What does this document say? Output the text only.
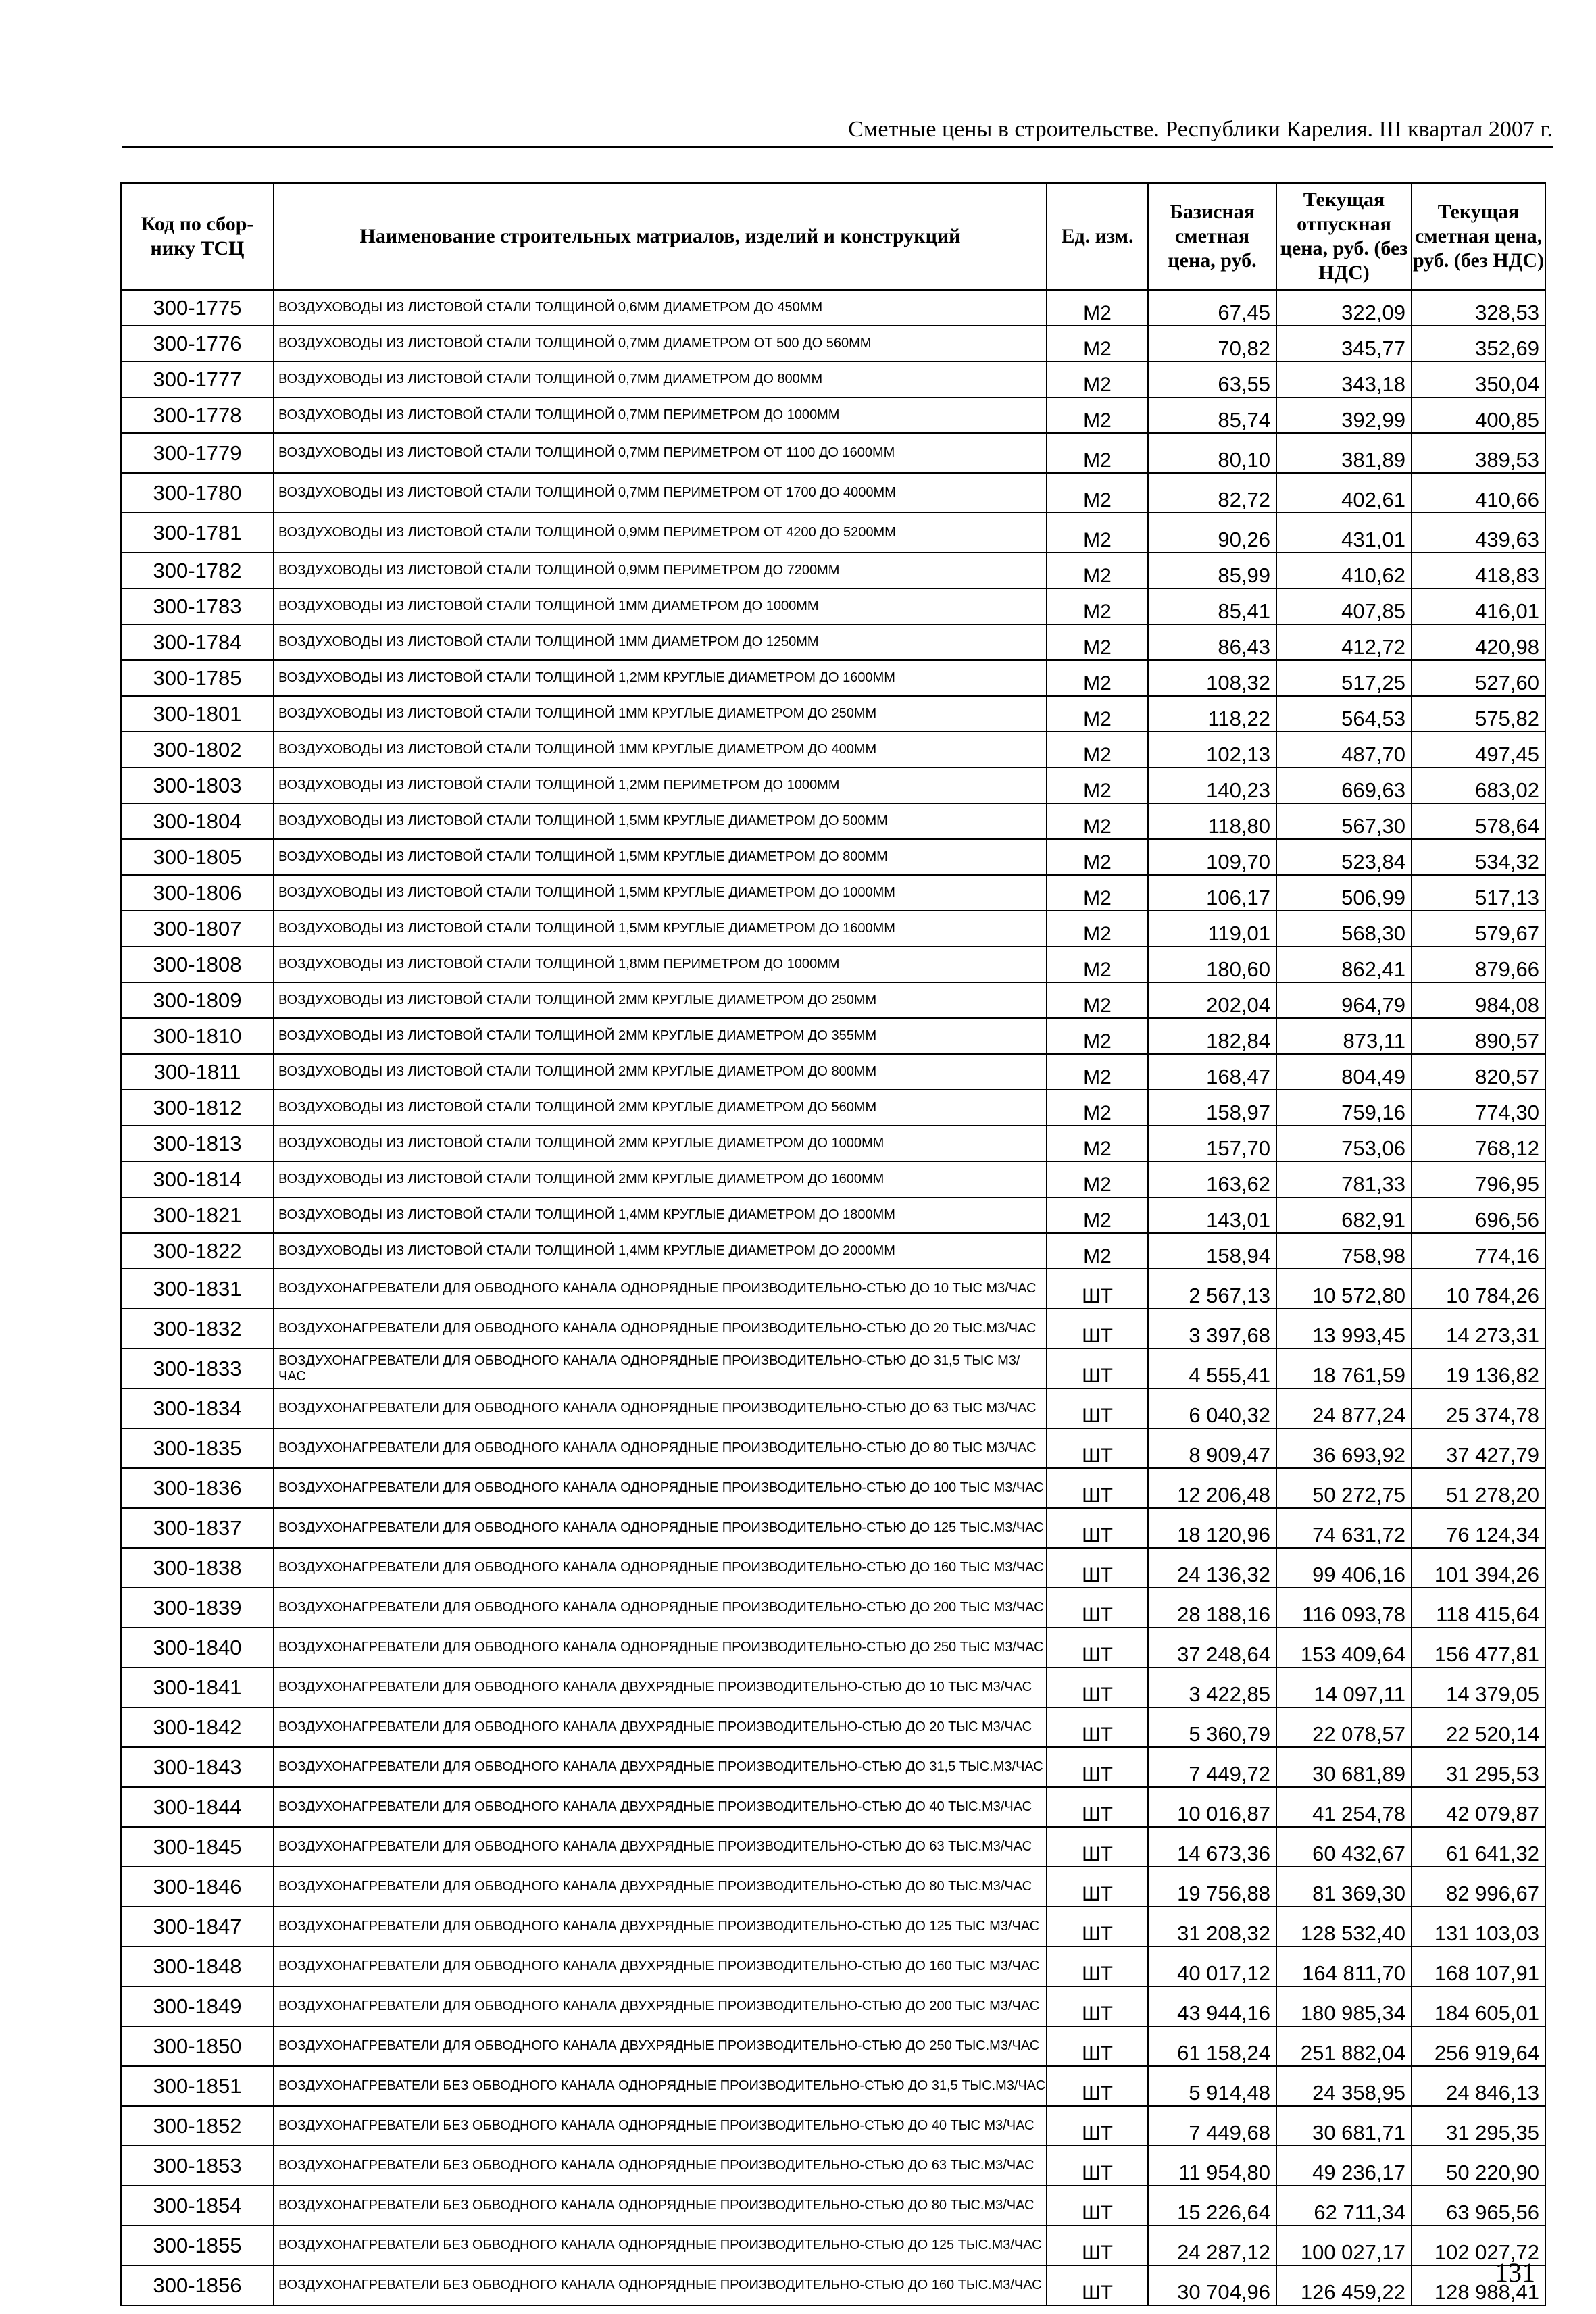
Сметные цены в строительстве. Республики Карелия. III квартал 2007 г.
Код по сбор-нику ТСЦ	Наименование строительных матриалов, изделий и конструкций	Ед. изм.	Базисная сметная цена, руб.	Текущая отпускная цена, руб. (без НДС)	Текущая сметная цена, руб. (без НДС)
300-1775	ВОЗДУХОВОДЫ ИЗ ЛИСТОВОЙ СТАЛИ ТОЛЩИНОЙ 0,6ММ ДИАМЕТРОМ ДО 450ММ	М2	67,45	322,09	328,53
300-1776	ВОЗДУХОВОДЫ ИЗ ЛИСТОВОЙ СТАЛИ ТОЛЩИНОЙ 0,7ММ ДИАМЕТРОМ ОТ 500 ДО 560ММ	М2	70,82	345,77	352,69
300-1777	ВОЗДУХОВОДЫ ИЗ ЛИСТОВОЙ СТАЛИ ТОЛЩИНОЙ 0,7ММ ДИАМЕТРОМ ДО 800ММ	М2	63,55	343,18	350,04
300-1778	ВОЗДУХОВОДЫ ИЗ ЛИСТОВОЙ СТАЛИ ТОЛЩИНОЙ 0,7ММ ПЕРИМЕТРОМ ДО 1000ММ	М2	85,74	392,99	400,85
300-1779	ВОЗДУХОВОДЫ ИЗ ЛИСТОВОЙ СТАЛИ ТОЛЩИНОЙ 0,7ММ ПЕРИМЕТРОМ ОТ 1100 ДО 1600ММ	М2	80,10	381,89	389,53
300-1780	ВОЗДУХОВОДЫ ИЗ ЛИСТОВОЙ СТАЛИ ТОЛЩИНОЙ 0,7ММ ПЕРИМЕТРОМ ОТ 1700 ДО 4000ММ	М2	82,72	402,61	410,66
300-1781	ВОЗДУХОВОДЫ ИЗ ЛИСТОВОЙ СТАЛИ ТОЛЩИНОЙ 0,9ММ ПЕРИМЕТРОМ ОТ 4200 ДО 5200ММ	М2	90,26	431,01	439,63
300-1782	ВОЗДУХОВОДЫ ИЗ ЛИСТОВОЙ СТАЛИ ТОЛЩИНОЙ 0,9ММ ПЕРИМЕТРОМ ДО 7200ММ	М2	85,99	410,62	418,83
300-1783	ВОЗДУХОВОДЫ ИЗ ЛИСТОВОЙ СТАЛИ ТОЛЩИНОЙ 1ММ ДИАМЕТРОМ ДО 1000ММ	М2	85,41	407,85	416,01
300-1784	ВОЗДУХОВОДЫ ИЗ ЛИСТОВОЙ СТАЛИ ТОЛЩИНОЙ 1ММ ДИАМЕТРОМ ДО 1250ММ	М2	86,43	412,72	420,98
300-1785	ВОЗДУХОВОДЫ ИЗ ЛИСТОВОЙ СТАЛИ ТОЛЩИНОЙ 1,2ММ КРУГЛЫЕ ДИАМЕТРОМ ДО 1600ММ	М2	108,32	517,25	527,60
300-1801	ВОЗДУХОВОДЫ ИЗ ЛИСТОВОЙ СТАЛИ ТОЛЩИНОЙ 1ММ КРУГЛЫЕ ДИАМЕТРОМ ДО 250ММ	М2	118,22	564,53	575,82
300-1802	ВОЗДУХОВОДЫ ИЗ ЛИСТОВОЙ СТАЛИ ТОЛЩИНОЙ 1ММ КРУГЛЫЕ ДИАМЕТРОМ ДО 400ММ	М2	102,13	487,70	497,45
300-1803	ВОЗДУХОВОДЫ ИЗ ЛИСТОВОЙ СТАЛИ ТОЛЩИНОЙ 1,2ММ ПЕРИМЕТРОМ ДО 1000ММ	М2	140,23	669,63	683,02
300-1804	ВОЗДУХОВОДЫ ИЗ ЛИСТОВОЙ СТАЛИ ТОЛЩИНОЙ 1,5ММ КРУГЛЫЕ ДИАМЕТРОМ ДО 500ММ	М2	118,80	567,30	578,64
300-1805	ВОЗДУХОВОДЫ ИЗ ЛИСТОВОЙ СТАЛИ ТОЛЩИНОЙ 1,5ММ КРУГЛЫЕ ДИАМЕТРОМ ДО 800ММ	М2	109,70	523,84	534,32
300-1806	ВОЗДУХОВОДЫ ИЗ ЛИСТОВОЙ СТАЛИ ТОЛЩИНОЙ 1,5ММ КРУГЛЫЕ ДИАМЕТРОМ ДО 1000ММ	М2	106,17	506,99	517,13
300-1807	ВОЗДУХОВОДЫ ИЗ ЛИСТОВОЙ СТАЛИ ТОЛЩИНОЙ 1,5ММ КРУГЛЫЕ ДИАМЕТРОМ ДО 1600ММ	М2	119,01	568,30	579,67
300-1808	ВОЗДУХОВОДЫ ИЗ ЛИСТОВОЙ СТАЛИ ТОЛЩИНОЙ 1,8ММ ПЕРИМЕТРОМ ДО 1000ММ	М2	180,60	862,41	879,66
300-1809	ВОЗДУХОВОДЫ ИЗ ЛИСТОВОЙ СТАЛИ ТОЛЩИНОЙ 2ММ КРУГЛЫЕ ДИАМЕТРОМ ДО 250ММ	М2	202,04	964,79	984,08
300-1810	ВОЗДУХОВОДЫ ИЗ ЛИСТОВОЙ СТАЛИ ТОЛЩИНОЙ 2ММ КРУГЛЫЕ ДИАМЕТРОМ ДО 355ММ	М2	182,84	873,11	890,57
300-1811	ВОЗДУХОВОДЫ ИЗ ЛИСТОВОЙ СТАЛИ ТОЛЩИНОЙ 2ММ КРУГЛЫЕ ДИАМЕТРОМ ДО 800ММ	М2	168,47	804,49	820,57
300-1812	ВОЗДУХОВОДЫ ИЗ ЛИСТОВОЙ СТАЛИ ТОЛЩИНОЙ 2ММ КРУГЛЫЕ ДИАМЕТРОМ ДО 560ММ	М2	158,97	759,16	774,30
300-1813	ВОЗДУХОВОДЫ ИЗ ЛИСТОВОЙ СТАЛИ ТОЛЩИНОЙ 2ММ КРУГЛЫЕ ДИАМЕТРОМ ДО 1000ММ	М2	157,70	753,06	768,12
300-1814	ВОЗДУХОВОДЫ ИЗ ЛИСТОВОЙ СТАЛИ ТОЛЩИНОЙ 2ММ КРУГЛЫЕ ДИАМЕТРОМ ДО 1600ММ	М2	163,62	781,33	796,95
300-1821	ВОЗДУХОВОДЫ ИЗ ЛИСТОВОЙ СТАЛИ ТОЛЩИНОЙ 1,4ММ КРУГЛЫЕ ДИАМЕТРОМ ДО 1800ММ	М2	143,01	682,91	696,56
300-1822	ВОЗДУХОВОДЫ ИЗ ЛИСТОВОЙ СТАЛИ ТОЛЩИНОЙ 1,4ММ КРУГЛЫЕ ДИАМЕТРОМ ДО 2000ММ	М2	158,94	758,98	774,16
300-1831	ВОЗДУХОНАГРЕВАТЕЛИ ДЛЯ ОБВОДНОГО КАНАЛА ОДНОРЯДНЫЕ ПРОИЗВОДИТЕЛЬНО-СТЬЮ ДО 10 ТЫС М3/ЧАС	ШТ	2 567,13	10 572,80	10 784,26
300-1832	ВОЗДУХОНАГРЕВАТЕЛИ ДЛЯ ОБВОДНОГО КАНАЛА ОДНОРЯДНЫЕ ПРОИЗВОДИТЕЛЬНО-СТЬЮ ДО 20 ТЫС.М3/ЧАС	ШТ	3 397,68	13 993,45	14 273,31
300-1833	ВОЗДУХОНАГРЕВАТЕЛИ ДЛЯ ОБВОДНОГО КАНАЛА ОДНОРЯДНЫЕ ПРОИЗВОДИТЕЛЬНО-СТЬЮ ДО 31,5 ТЫС М3/ЧАС	ШТ	4 555,41	18 761,59	19 136,82
300-1834	ВОЗДУХОНАГРЕВАТЕЛИ ДЛЯ ОБВОДНОГО КАНАЛА ОДНОРЯДНЫЕ ПРОИЗВОДИТЕЛЬНО-СТЬЮ ДО 63 ТЫС М3/ЧАС	ШТ	6 040,32	24 877,24	25 374,78
300-1835	ВОЗДУХОНАГРЕВАТЕЛИ ДЛЯ ОБВОДНОГО КАНАЛА ОДНОРЯДНЫЕ ПРОИЗВОДИТЕЛЬНО-СТЬЮ ДО 80 ТЫС М3/ЧАС	ШТ	8 909,47	36 693,92	37 427,79
300-1836	ВОЗДУХОНАГРЕВАТЕЛИ ДЛЯ ОБВОДНОГО КАНАЛА ОДНОРЯДНЫЕ ПРОИЗВОДИТЕЛЬНО-СТЬЮ ДО 100 ТЫС М3/ЧАС	ШТ	12 206,48	50 272,75	51 278,20
300-1837	ВОЗДУХОНАГРЕВАТЕЛИ ДЛЯ ОБВОДНОГО КАНАЛА ОДНОРЯДНЫЕ ПРОИЗВОДИТЕЛЬНО-СТЬЮ ДО 125 ТЫС.М3/ЧАС	ШТ	18 120,96	74 631,72	76 124,34
300-1838	ВОЗДУХОНАГРЕВАТЕЛИ ДЛЯ ОБВОДНОГО КАНАЛА ОДНОРЯДНЫЕ ПРОИЗВОДИТЕЛЬНО-СТЬЮ ДО 160 ТЫС М3/ЧАС	ШТ	24 136,32	99 406,16	101 394,26
300-1839	ВОЗДУХОНАГРЕВАТЕЛИ ДЛЯ ОБВОДНОГО КАНАЛА ОДНОРЯДНЫЕ ПРОИЗВОДИТЕЛЬНО-СТЬЮ ДО 200 ТЫС М3/ЧАС	ШТ	28 188,16	116 093,78	118 415,64
300-1840	ВОЗДУХОНАГРЕВАТЕЛИ ДЛЯ ОБВОДНОГО КАНАЛА ОДНОРЯДНЫЕ ПРОИЗВОДИТЕЛЬНО-СТЬЮ ДО 250 ТЫС М3/ЧАС	ШТ	37 248,64	153 409,64	156 477,81
300-1841	ВОЗДУХОНАГРЕВАТЕЛИ ДЛЯ ОБВОДНОГО КАНАЛА ДВУХРЯДНЫЕ ПРОИЗВОДИТЕЛЬНО-СТЬЮ ДО 10 ТЫС М3/ЧАС	ШТ	3 422,85	14 097,11	14 379,05
300-1842	ВОЗДУХОНАГРЕВАТЕЛИ ДЛЯ ОБВОДНОГО КАНАЛА ДВУХРЯДНЫЕ ПРОИЗВОДИТЕЛЬНО-СТЬЮ ДО 20 ТЫС М3/ЧАС	ШТ	5 360,79	22 078,57	22 520,14
300-1843	ВОЗДУХОНАГРЕВАТЕЛИ ДЛЯ ОБВОДНОГО КАНАЛА ДВУХРЯДНЫЕ ПРОИЗВОДИТЕЛЬНО-СТЬЮ ДО 31,5 ТЫС.М3/ЧАС	ШТ	7 449,72	30 681,89	31 295,53
300-1844	ВОЗДУХОНАГРЕВАТЕЛИ ДЛЯ ОБВОДНОГО КАНАЛА ДВУХРЯДНЫЕ ПРОИЗВОДИТЕЛЬНО-СТЬЮ ДО 40 ТЫС.М3/ЧАС	ШТ	10 016,87	41 254,78	42 079,87
300-1845	ВОЗДУХОНАГРЕВАТЕЛИ ДЛЯ ОБВОДНОГО КАНАЛА ДВУХРЯДНЫЕ ПРОИЗВОДИТЕЛЬНО-СТЬЮ ДО 63 ТЫС.М3/ЧАС	ШТ	14 673,36	60 432,67	61 641,32
300-1846	ВОЗДУХОНАГРЕВАТЕЛИ ДЛЯ ОБВОДНОГО КАНАЛА ДВУХРЯДНЫЕ ПРОИЗВОДИТЕЛЬНО-СТЬЮ ДО 80 ТЫС.М3/ЧАС	ШТ	19 756,88	81 369,30	82 996,67
300-1847	ВОЗДУХОНАГРЕВАТЕЛИ ДЛЯ ОБВОДНОГО КАНАЛА ДВУХРЯДНЫЕ ПРОИЗВОДИТЕЛЬНО-СТЬЮ ДО 125 ТЫС М3/ЧАС	ШТ	31 208,32	128 532,40	131 103,03
300-1848	ВОЗДУХОНАГРЕВАТЕЛИ ДЛЯ ОБВОДНОГО КАНАЛА ДВУХРЯДНЫЕ ПРОИЗВОДИТЕЛЬНО-СТЬЮ ДО 160 ТЫС М3/ЧАС	ШТ	40 017,12	164 811,70	168 107,91
300-1849	ВОЗДУХОНАГРЕВАТЕЛИ ДЛЯ ОБВОДНОГО КАНАЛА ДВУХРЯДНЫЕ ПРОИЗВОДИТЕЛЬНО-СТЬЮ ДО 200 ТЫС М3/ЧАС	ШТ	43 944,16	180 985,34	184 605,01
300-1850	ВОЗДУХОНАГРЕВАТЕЛИ ДЛЯ ОБВОДНОГО КАНАЛА ДВУХРЯДНЫЕ ПРОИЗВОДИТЕЛЬНО-СТЬЮ ДО 250 ТЫС.М3/ЧАС	ШТ	61 158,24	251 882,04	256 919,64
300-1851	ВОЗДУХОНАГРЕВАТЕЛИ БЕЗ ОБВОДНОГО КАНАЛА ОДНОРЯДНЫЕ ПРОИЗВОДИТЕЛЬНО-СТЬЮ ДО 31,5 ТЫС.М3/ЧАС	ШТ	5 914,48	24 358,95	24 846,13
300-1852	ВОЗДУХОНАГРЕВАТЕЛИ БЕЗ ОБВОДНОГО КАНАЛА ОДНОРЯДНЫЕ ПРОИЗВОДИТЕЛЬНО-СТЬЮ ДО 40 ТЫС М3/ЧАС	ШТ	7 449,68	30 681,71	31 295,35
300-1853	ВОЗДУХОНАГРЕВАТЕЛИ БЕЗ ОБВОДНОГО КАНАЛА ОДНОРЯДНЫЕ ПРОИЗВОДИТЕЛЬНО-СТЬЮ ДО 63 ТЫС.М3/ЧАС	ШТ	11 954,80	49 236,17	50 220,90
300-1854	ВОЗДУХОНАГРЕВАТЕЛИ БЕЗ ОБВОДНОГО КАНАЛА ОДНОРЯДНЫЕ ПРОИЗВОДИТЕЛЬНО-СТЬЮ ДО 80 ТЫС.М3/ЧАС	ШТ	15 226,64	62 711,34	63 965,56
300-1855	ВОЗДУХОНАГРЕВАТЕЛИ БЕЗ ОБВОДНОГО КАНАЛА ОДНОРЯДНЫЕ ПРОИЗВОДИТЕЛЬНО-СТЬЮ ДО 125 ТЫС.М3/ЧАС	ШТ	24 287,12	100 027,17	102 027,72
300-1856	ВОЗДУХОНАГРЕВАТЕЛИ БЕЗ ОБВОДНОГО КАНАЛА ОДНОРЯДНЫЕ ПРОИЗВОДИТЕЛЬНО-СТЬЮ ДО 160 ТЫС.М3/ЧАС	ШТ	30 704,96	126 459,22	128 988,41
131
